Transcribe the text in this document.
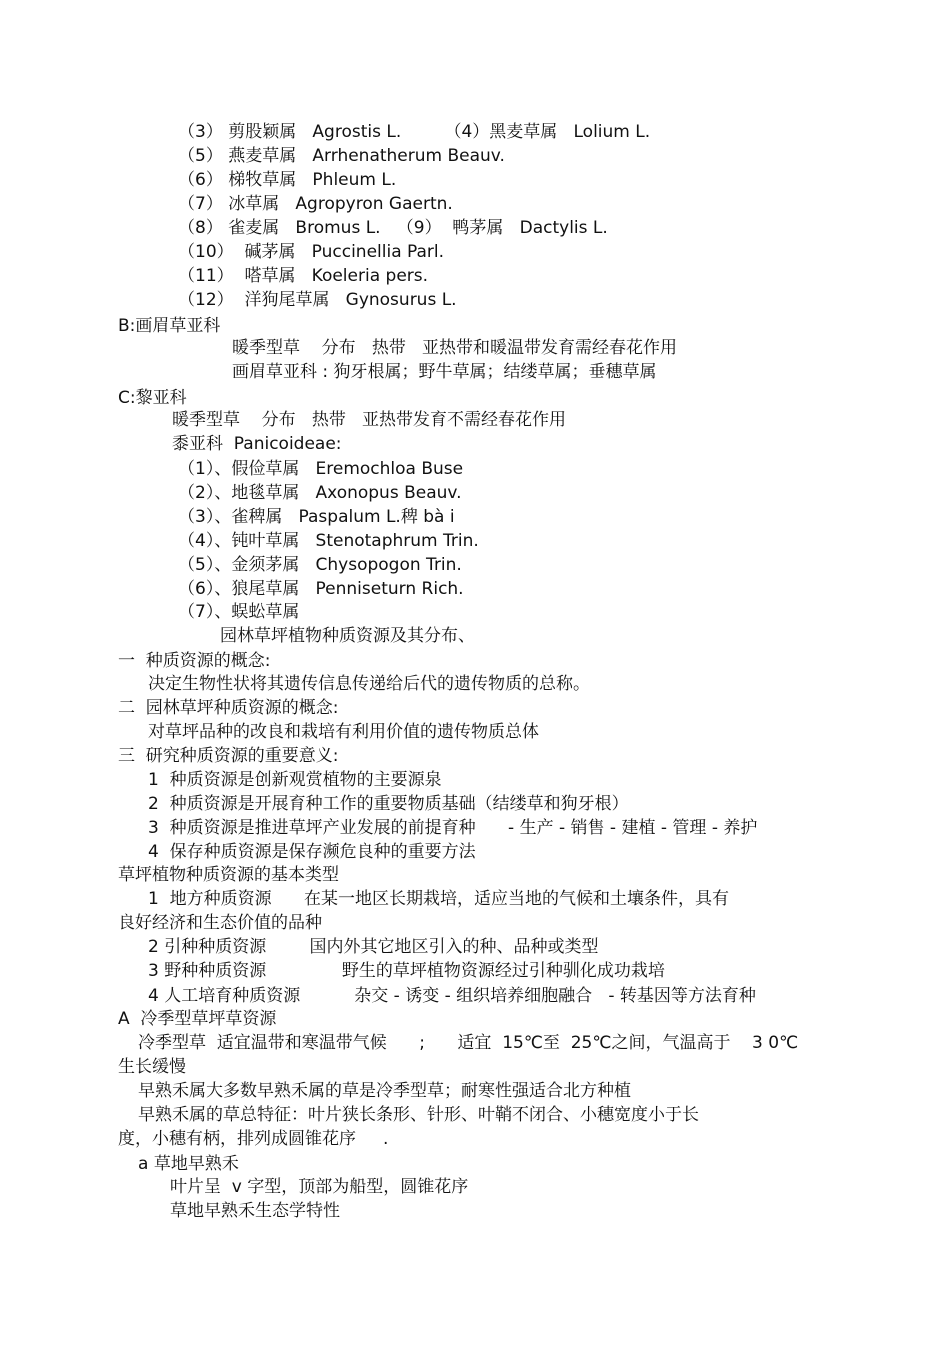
（3） 剪股颖属   Agrostis L.        （4）黑麦草属   Lolium L.
（5） 燕麦草属   Arrhenatherum Beauv.
（6） 梯牧草属   Phleum L.
（7） 冰草属   Agropyron Gaertn.
（8） 雀麦属   Bromus L.   （9）  鸭茅属   Dactylis L.
（10）  碱茅属   Puccinellia Parl.
（11）  嗒草属   Koeleria pers.
（12）  洋狗尾草属   Gynosurus L.
B:画眉草亚科
暖季型草    分布   热带   亚热带和暖温带发育需经春花作用
画眉草亚科 : 狗牙根属；野牛草属；结缕草属；垂穗草属
C:黎亚科
暖季型草    分布   热带   亚热带发育不需经春花作用
黍亚科  Panicoideae:
（1）、假俭草属   Eremochloa Buse
（2）、地毯草属   Axonopus Beauv.
（3）、雀稗属   Paspalum L.稗 bà i
（4）、钝叶草属   Stenotaphrum Trin.
（5）、金须茅属   Chysopogon Trin.
（6）、狼尾草属   Penniseturn Rich.
（7）、蜈蚣草属
园林草坪植物种质资源及其分布、
一  种质资源的概念:
决定生物性状将其遗传信息传递给后代的遗传物质的总称。
二  园林草坪种质资源的概念:
对草坪品种的改良和栽培有利用价值的遗传物质总体
三  研究种质资源的重要意义:
1  种质资源是创新观赏植物的主要源泉
2  种质资源是开展育种工作的重要物质基础（结缕草和狗牙根）
3  种质资源是推进草坪产业发展的前提育种      - 生产 - 销售 - 建植 - 管理 - 养护
4  保存种质资源是保存濒危良种的重要方法
草坪植物种质资源的基本类型
1  地方种质资源      在某一地区长期栽培，适应当地的气候和土壤条件，具有
良好经济和生态价值的品种
2 引种种质资源        国内外其它地区引入的种、品种或类型
3 野种种质资源              野生的草坪植物资源经过引种驯化成功栽培
4 人工培育种质资源          杂交 - 诱变 - 组织培养细胞融合   - 转基因等方法育种
A  冷季型草坪草资源
冷季型草  适宜温带和寒温带气候      ;      适宜  15℃至  25℃之间，气温高于    3 0℃
生长缓慢
早熟禾属大多数早熟禾属的草是冷季型草；耐寒性强适合北方种植
早熟禾属的草总特征：叶片狭长条形、针形、叶鞘不闭合、小穗宽度小于长
度，小穗有柄，排列成圆锥花序     .
a 草地早熟禾
叶片呈  v 字型，顶部为船型，圆锥花序
草地早熟禾生态学特性
